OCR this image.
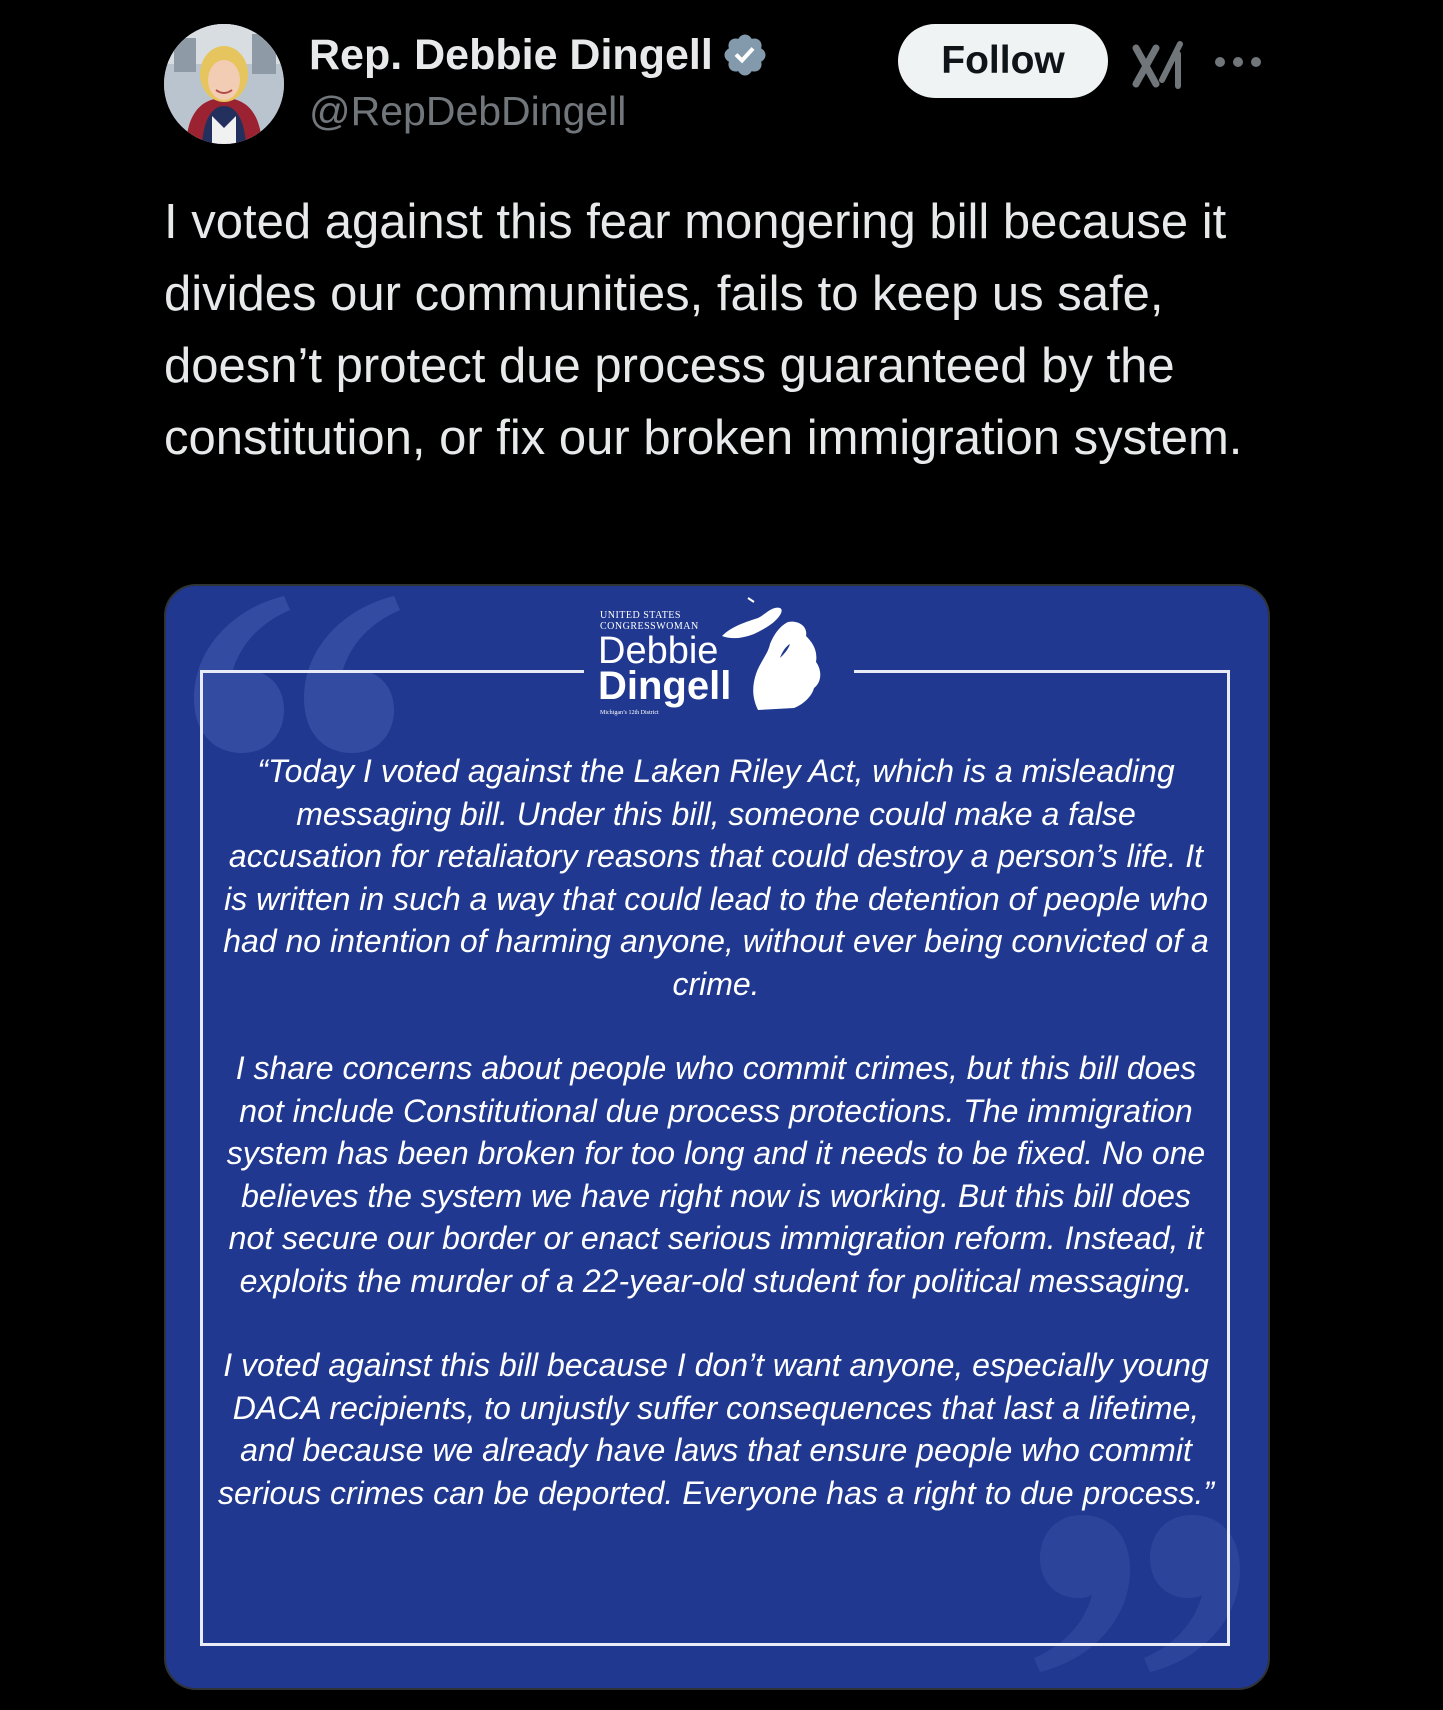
Rep. Debbie Dingell
@RepDebDingell
Follow

I voted against this fear mongering bill because it divides our communities, fails to keep us safe, doesn’t protect due process guaranteed by the constitution, or fix our broken immigration system.

UNITED STATES

CONGRESSWOMAN

Debbie

Dingell

Michigan’s 12th District

“Today I voted against the Laken Riley Act, which is a misleading messaging bill. Under this bill, someone could make a false accusation for retaliatory reasons that could destroy a person’s life. It is written in such a way that could lead to the detention of people who had no intention of harming anyone, without ever being convicted of a crime.

I share concerns about people who commit crimes, but this bill does not include Constitutional due process protections. The immigration system has been broken for too long and it needs to be fixed. No one believes the system we have right now is working. But this bill does not secure our border or enact serious immigration reform. Instead, it exploits the murder of a 22-year-old student for political messaging.

I voted against this bill because I don’t want anyone, especially young DACA recipients, to unjustly suffer consequences that last a lifetime, and because we already have laws that ensure people who commit serious crimes can be deported. Everyone has a right to due process.”
